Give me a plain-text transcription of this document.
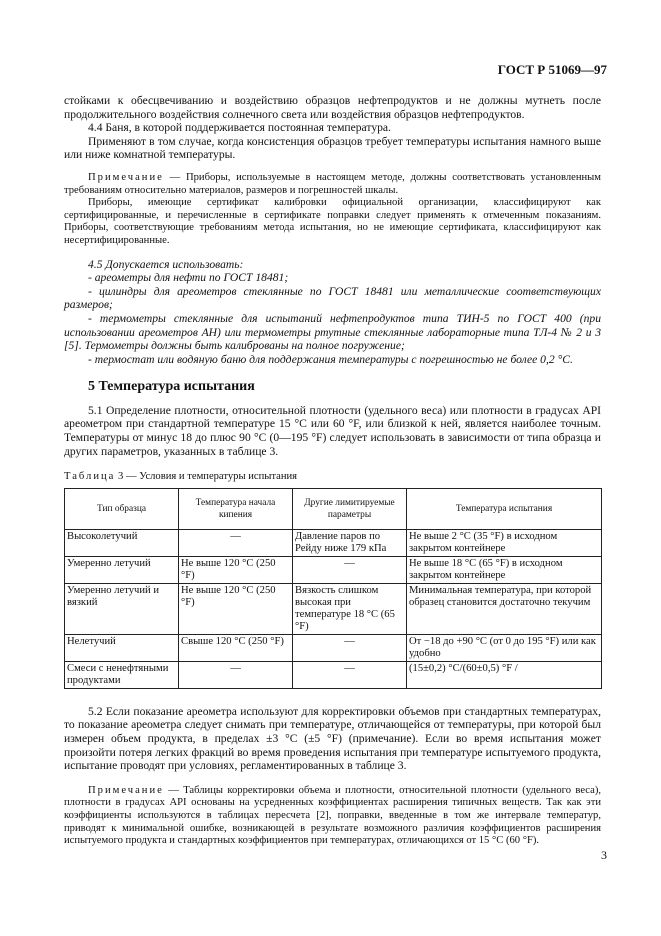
ГОСТ Р 51069—97

стойками к обесцвечиванию и воздействию образцов нефтепродуктов и не должны мутнеть после продолжительного воздействия солнечного света или воздействия образцов нефтепродуктов.

4.4 Баня, в которой поддерживается постоянная температура.

Применяют в том случае, когда консистенция образцов требует температуры испытания намного выше или ниже комнатной температуры.

Примечание — Приборы, используемые в настоящем методе, должны соответствовать установленным требованиям относительно материалов, размеров и погрешностей шкалы.

Приборы, имеющие сертификат калибровки официальной организации, классифицируют как сертифицированные, и перечисленные в сертификате поправки следует применять к отмеченным показаниям. Приборы, соответствующие требованиям метода испытания, но не имеющие сертификата, классифицируют как несертифицированные.

4.5 Допускается использовать:

- ареометры для нефти по ГОСТ 18481;

- цилиндры для ареометров стеклянные по ГОСТ 18481 или металлические соответствующих размеров;

- термометры стеклянные для испытаний нефтепродуктов типа ТИН-5 по ГОСТ 400 (при использовании ареометров АН) или термометры ртутные стеклянные лабораторные типа ТЛ-4 № 2 и 3 [5]. Термометры должны быть калиброваны на полное погружение;

- термостат или водяную баню для поддержания температуры с погрешностью не более 0,2 °С.

5 Температура испытания

5.1 Определение плотности, относительной плотности (удельного веса) или плотности в градусах API ареометром при стандартной температуре 15 °С или 60 °F, или близкой к ней, является наиболее точным. Температуры от минус 18 до плюс 90 °С (0—195 °F) следует использовать в зависимости от типа образца и других параметров, указанных в таблице 3.

Таблица 3 — Условия и температуры испытания
Тип образца	Температура начала кипения	Другие лимитируемые параметры	Температура испытания
Высоколетучий	—	Давление паров по Рейду ниже 179 кПа	Не выше 2 °С (35 °F) в исходном закрытом контейнере
Умеренно летучий	Не выше 120 °С (250 °F)	—	Не выше 18 °С (65 °F) в исходном закрытом контейнере
Умеренно летучий и вязкий	Не выше 120 °С (250 °F)	Вязкость слишком высокая при температуре 18 °С (65 °F)	Минимальная температура, при которой образец становится достаточно текучим
Нелетучий	Свыше 120 °С (250 °F)	—	От −18 до +90 °С (от 0 до 195 °F) или как удобно
Смеси с ненефтяными продуктами	—	—	(15±0,2) °С/(60±0,5) °F /

5.2 Если показание ареометра используют для корректировки объемов при стандартных температурах, то показание ареометра следует снимать при температуре, отличающейся от температуры, при которой был измерен объем продукта, в пределах ±3 °С (±5 °F) (примечание). Если во время испытания может произойти потеря легких фракций во время проведения испытания при температуре испытуемого продукта, испытание проводят при условиях, регламентированных в таблице 3.

Примечание — Таблицы корректировки объема и плотности, относительной плотности (удельного веса), плотности в градусах API основаны на усредненных коэффициентах расширения типичных веществ. Так как эти коэффициенты используются в таблицах пересчета [2], поправки, введенные в том же интервале температур, приводят к минимальной ошибке, возникающей в результате возможного различия коэффициентов расширения испытуемого продукта и стандартных коэффициентов при температурах, отличающихся от 15 °С (60 °F).

3
